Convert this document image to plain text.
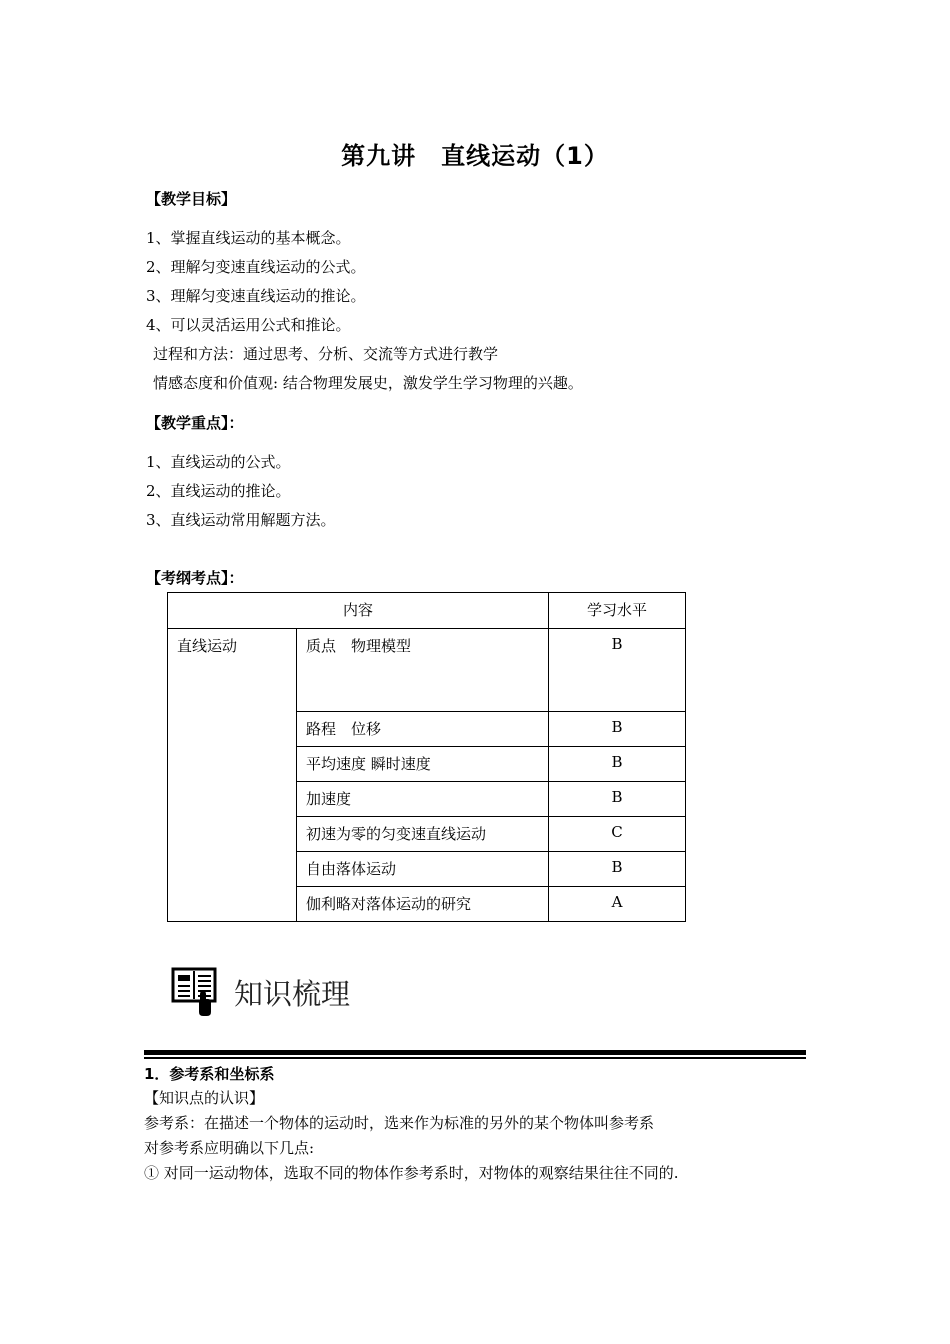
第九讲　直线运动（1）
【教学目标】
1、掌握直线运动的基本概念。
2、理解匀变速直线运动的公式。
3、理解匀变速直线运动的推论。
4、可以灵活运用公式和推论。
过程和方法：通过思考、分析、交流等方式进行教学
情感态度和价值观: 结合物理发展史，激发学生学习物理的兴趣。
【教学重点】：
1、直线运动的公式。
2、直线运动的推论。
3、直线运动常用解题方法。
【考纲考点】：
内容		学习水平

直线运动	质点　物理模型	B

	路程　位移	B

	平均速度 瞬时速度	B

	加速度	B

	初速为零的匀变速直线运动	C

	自由落体运动	B

	伽利略对落体运动的研究	A
知识梳理
1．参考系和坐标系
【知识点的认识】
参考系：在描述一个物体的运动时，选来作为标准的另外的某个物体叫参考系
对参考系应明确以下几点:
① 对同一运动物体，选取不同的物体作参考系时，对物体的观察结果往往不同的.
